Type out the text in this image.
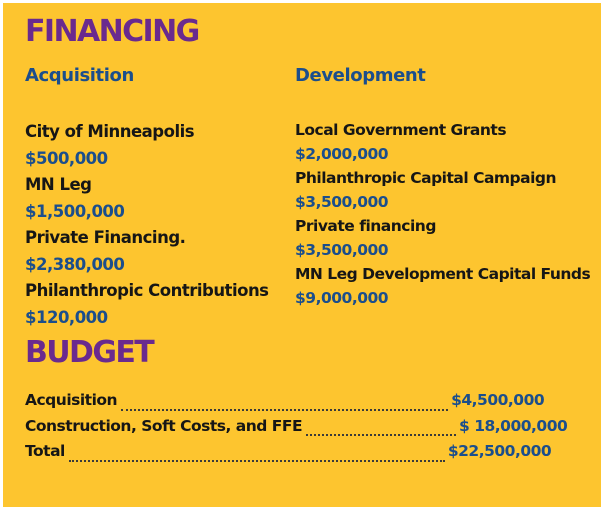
FINANCING
Acquisition	Development
City of Minneapolis
$500,000
MN Leg
$1,500,000
Private Financing.
$2,380,000
Philanthropic Contributions
$120,000
Local Government Grants
$2,000,000
Philanthropic Capital Campaign
$3,500,000
Private financing
$3,500,000
MN Leg Development Capital Funds
$9,000,000
BUDGET
Acquisition	$4,500,000
Construction, Soft Costs, and FFE	$ 18,000,000
Total	$22,500,000
